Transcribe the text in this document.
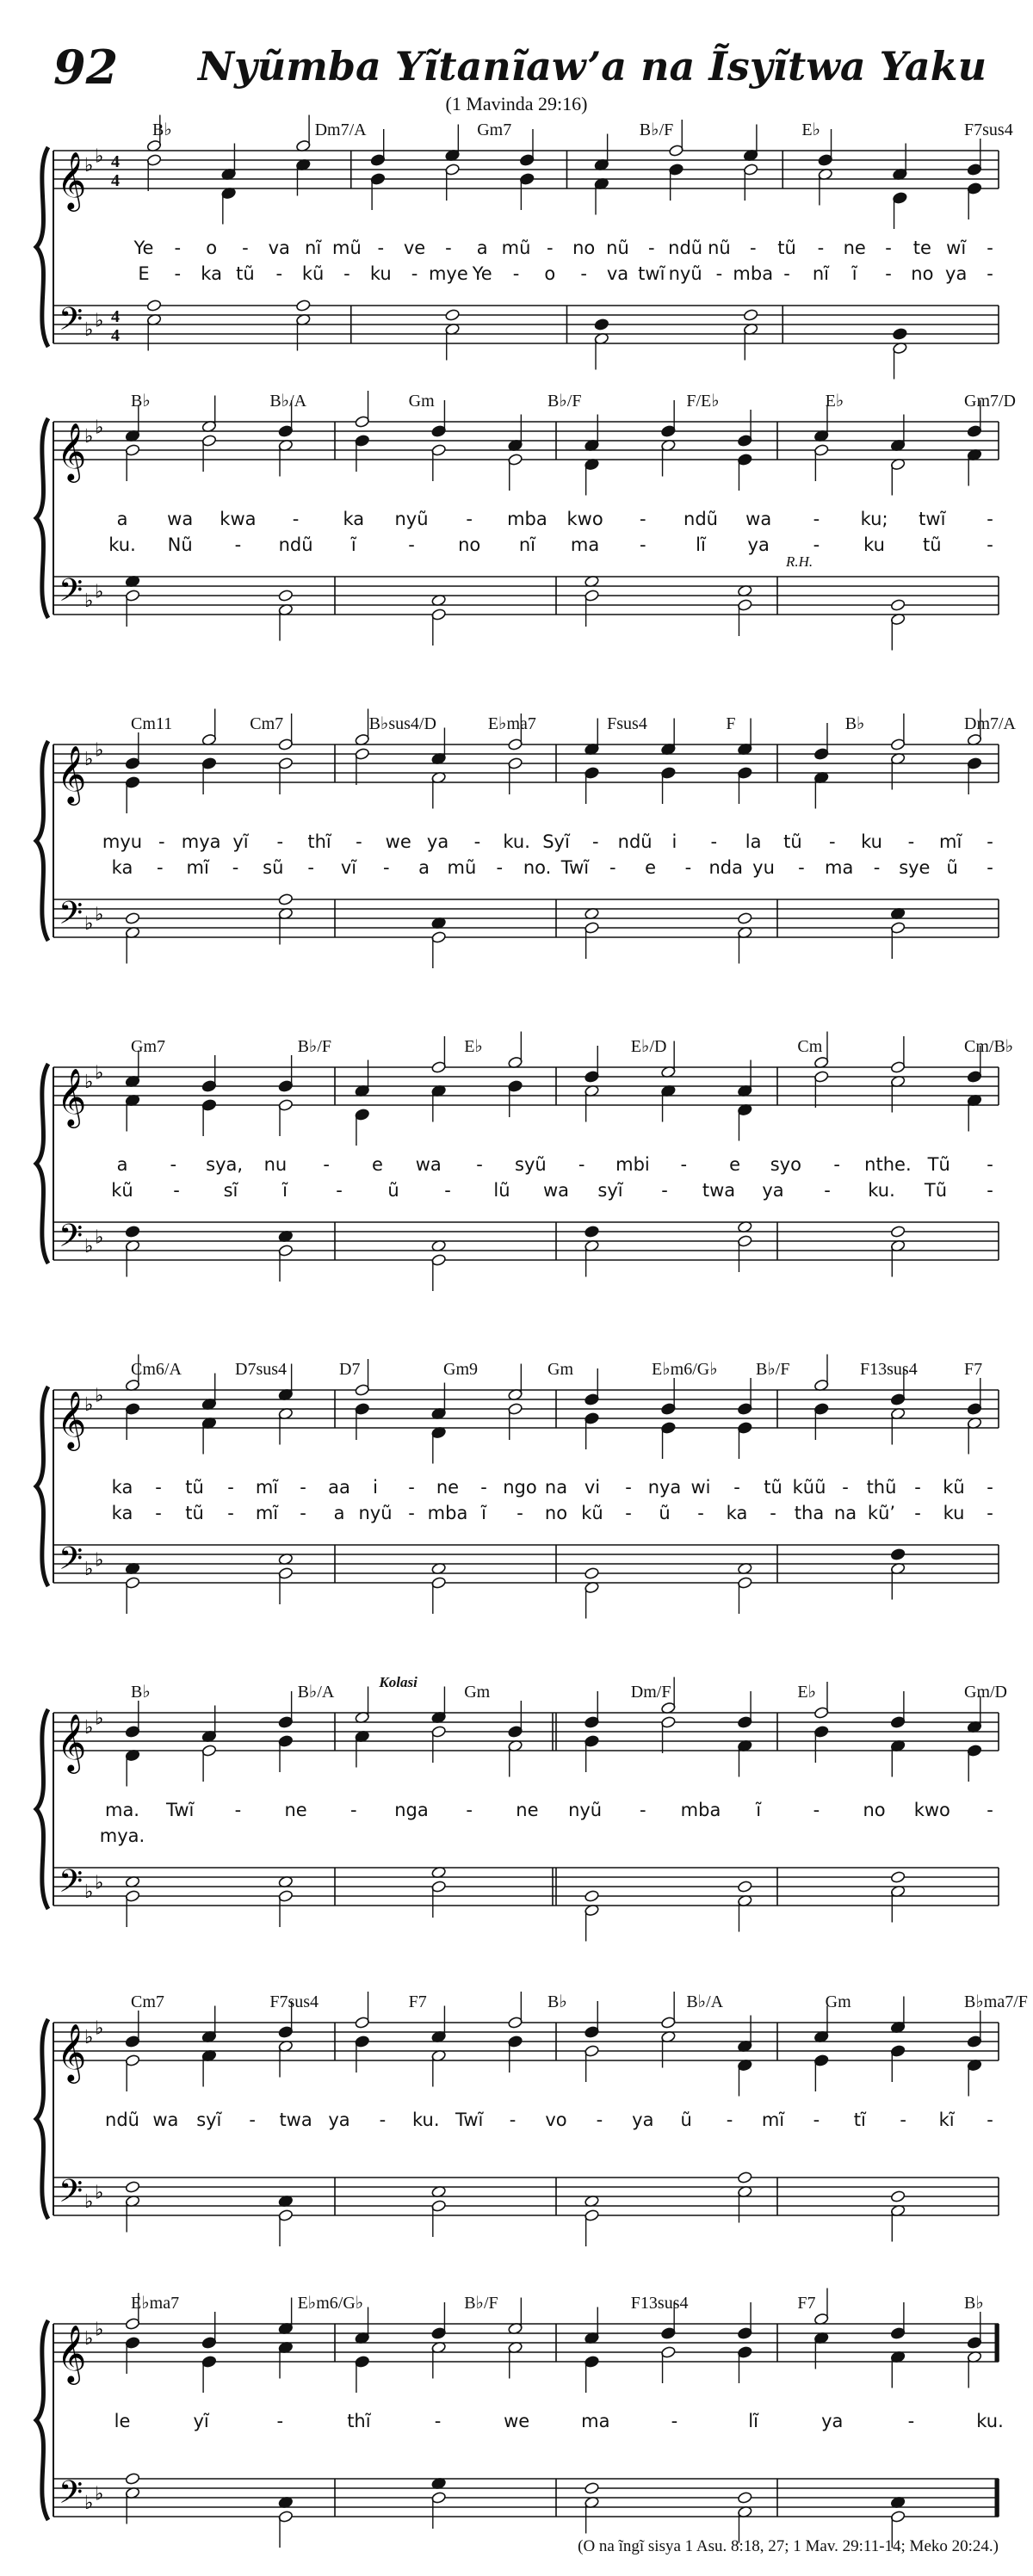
92 Nyũmba Yĩtanĩaw’a na Ĩsyĩtwa Yaku
(1 Mavinda 29:16)
𝄞
𝄢
♭ ♭
♭ ♭
4
4
4
4
B♭	Dm7/A	Gm7	B♭/F	E♭	F7sus4
Ye - o - va nĩ mũ - ve - a mũ - no nũ - ndũ nũ - tũ - ne - te wĩ -
E - ka tũ - kũ - ku - mye Ye - o - va twĩ nyũ - mba - nĩ ĩ - no ya -
𝄞
𝄢
♭ ♭
♭ ♭
R.H.
B♭	B♭/A	Gm	B♭/F	F/E♭	E♭	Gm7/D
a wa kwa - ka nyũ - mba kwo - ndũ wa - ku; twĩ -
ku. Nũ - ndũ ĩ	- no nĩ ma -	lĩ ya - ku tũ	-
𝄞
𝄢
♭ ♭
♭ ♭
Cm11	Cm7	B♭sus4/D	E♭ma7	Fsus4	F	B♭	Dm7/A
myu - mya yĩ - thĩ - we ya - ku. Syĩ - ndũ i - la tũ - ku - mĩ -
ka - mĩ - sũ - vĩ - a mũ - no. Twĩ - e - nda yu - ma - sye ũ -
𝄞
𝄢
♭ ♭
♭ ♭
Gm7	B♭/F	E♭	E♭/D	Cm	Cm/B♭
a - sya, nu - e wa - syũ - mbi - e syo - nthe. Tũ -
kũ - sĩ ĩ	-	ũ	- lũ wa syĩ - twa ya - ku. Tũ -
𝄞
𝄢
♭ ♭
♭ ♭
Cm6/A	D7sus4	D7	Gm9	Gm	E♭m6/G♭ B♭/F	F13sus4	F7
ka - tũ - mĩ - aa i - ne - ngo na vi - nya wi - tũ kũũ - thũ - kũ -
ka - tũ - mĩ - a nyũ - mba ĩ - no kũ - ũ - ka - tha na kũ’ - ku -
𝄞
𝄢
♭ ♭
♭ ♭
Kolasi
B♭	B♭/A	Gm	Dm/F	E♭	Gm/D
ma. Twĩ - ne - nga - ne nyũ - mba ĩ	- no kwo -
mya.
𝄞
𝄢
♭ ♭
♭ ♭
Cm7	F7sus4	F7	B♭	B♭/A	Gm	B♭ma7/F
ndũ wa syĩ - twa ya - ku. Twĩ - vo - ya ũ - mĩ - tĩ - kĩ -
𝄞
𝄢
♭ ♭
♭ ♭
E♭ma7	E♭m6/G♭	B♭/F	F13sus4	F7	B♭
le	yĩ	-	thĩ	-	we	ma	-	lĩ	ya	-	ku.
(O na ĩngĩ sisya 1 Asu. 8:18, 27; 1 Mav. 29:11-14; Meko 20:24.)
